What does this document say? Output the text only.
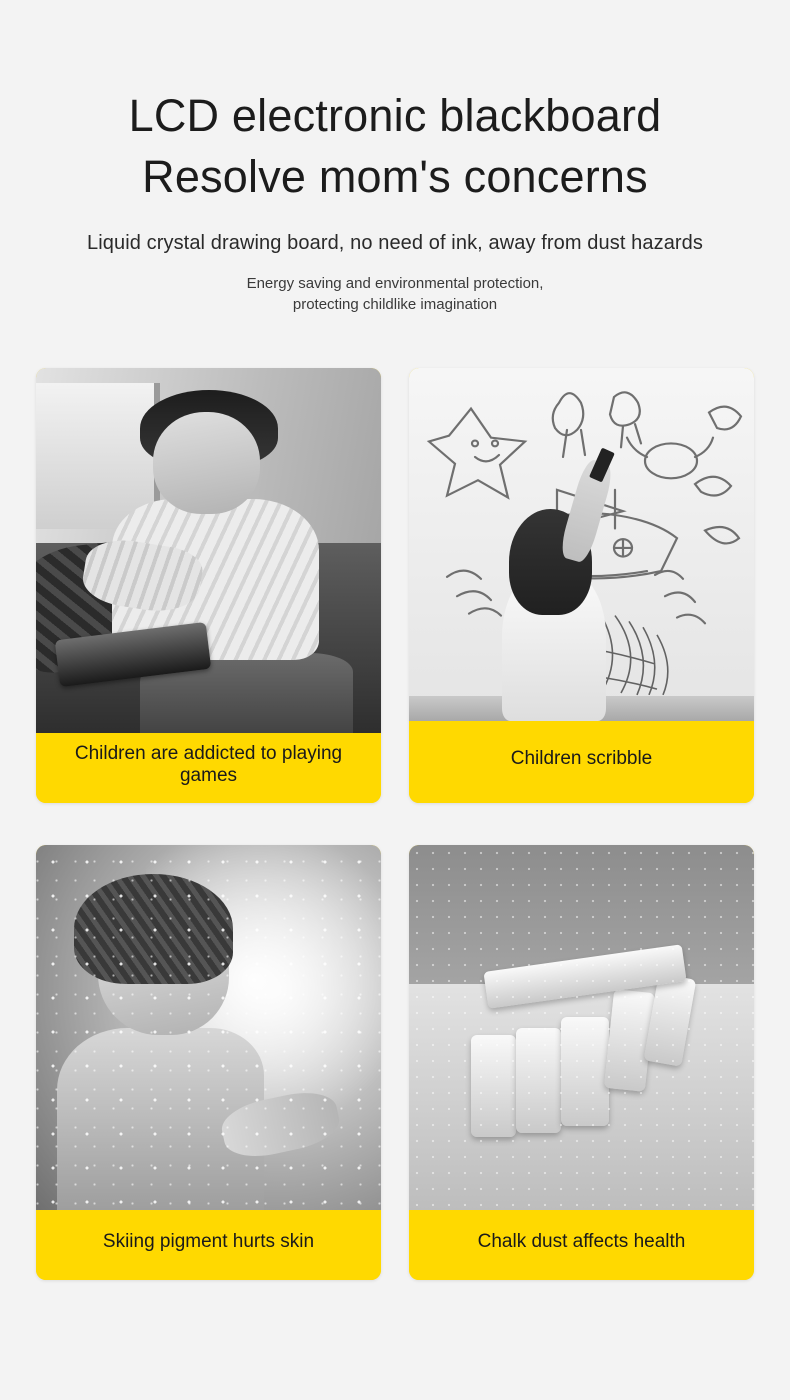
LCD electronic blackboard
Resolve mom's concerns
Liquid crystal drawing board, no need of ink, away from dust hazards
Energy saving and environmental protection,
protecting childlike imagination
Children are addicted to playing games
Children scribble
Skiing pigment hurts skin	Chalk dust affects health
